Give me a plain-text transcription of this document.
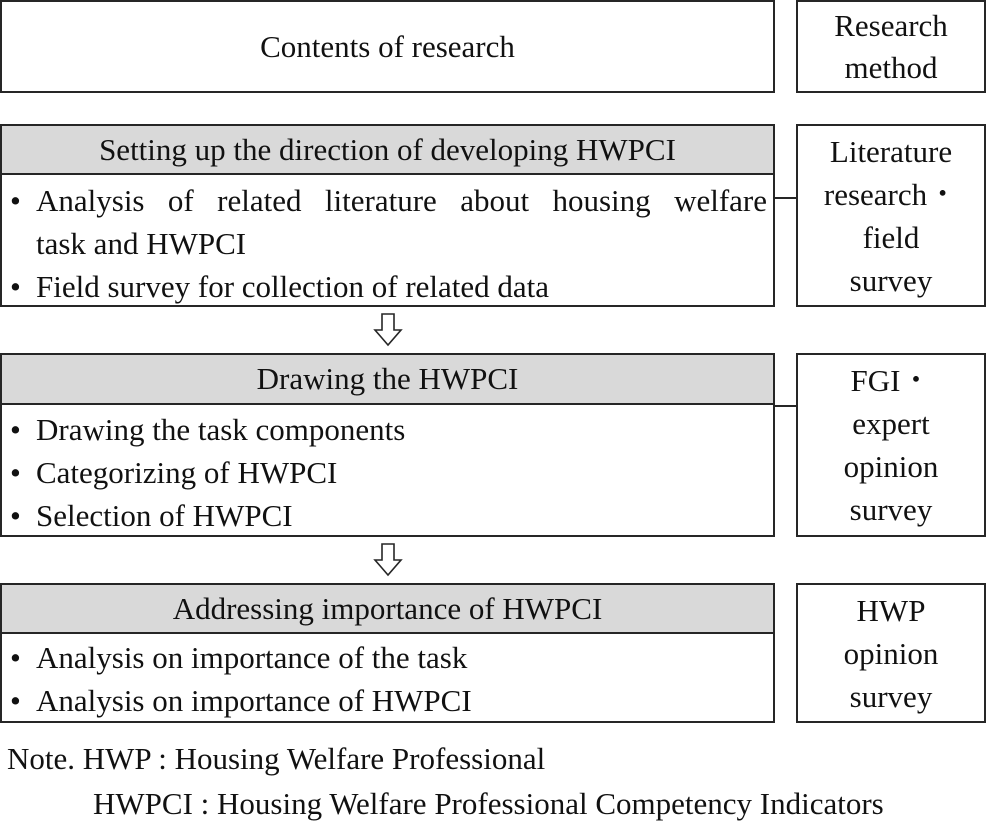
Contents of research
Research
method
Setting up the direction of developing HWPCI
• Analysis of related literature about housing welfare
task and HWPCI
• Field survey for collection of related data
Literature
research・
field
survey
Drawing the HWPCI
• Drawing the task components
• Categorizing of HWPCI
• Selection of HWPCI
FGI・
expert
opinion
survey
Addressing importance of HWPCI
• Analysis on importance of the task
• Analysis on importance of HWPCI
HWP
opinion
survey
Note. HWP : Housing Welfare Professional
HWPCI : Housing Welfare Professional Competency Indicators
